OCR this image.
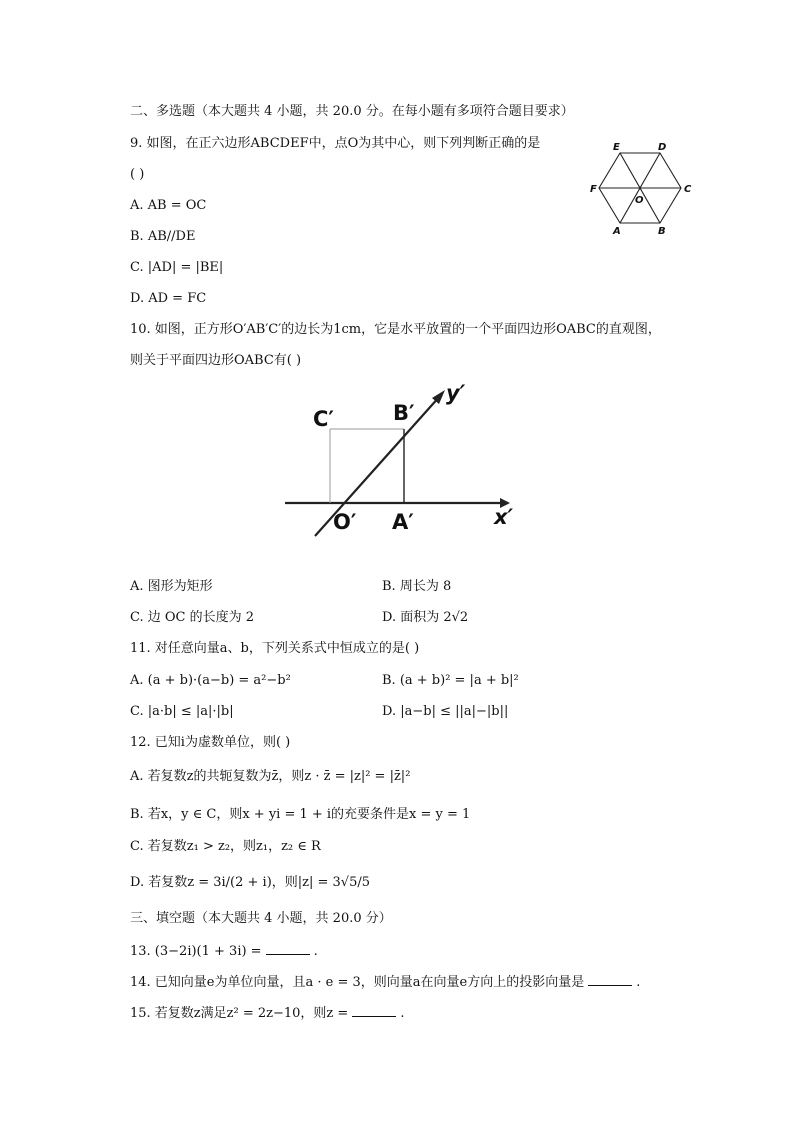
二、多选题（本大题共 4 小题，共 20.0 分。在每小题有多项符合题目要求）
9. 如图，在正六边形ABCDEF中，点O为其中心，则下列判断正确的是
( )
A. AB = OC
B. AB//DE
C. |AD| = |BE|
D. AD = FC
E	D
F	C
O
A	B
10. 如图，正方形O′AB′C′的边长为1cm，它是水平放置的一个平面四边形OABC的直观图，
则关于平面四边形OABC有( )
C′	B′
y′
O′ A′	x′
A. 图形为矩形	B. 周长为 8
C. 边 OC 的长度为 2	D. 面积为 2√2
11. 对任意向量a、b，下列关系式中恒成立的是( )
A. (a + b)·(a−b) = a²−b²	B. (a + b)² = |a + b|²
C. |a·b| ≤ |a|·|b|	D. |a−b| ≤ ||a|−|b||
12. 已知i为虚数单位，则( )
A. 若复数z的共轭复数为z̄，则z · z̄ = |z|² = |z̄|²
B. 若x，y ∈ C，则x + yi = 1 + i的充要条件是x = y = 1
C. 若复数z₁ > z₂，则z₁，z₂ ∈ R
D. 若复数z = 3i/(2 + i)，则|z| = 3√5/5
三、填空题（本大题共 4 小题，共 20.0 分）
13. (3−2i)(1 + 3i) =	.
14. 已知向量e为单位向量，且a · e = 3，则向量a在向量e方向上的投影向量是	.
15. 若复数z满足z² = 2z−10，则z =	.
